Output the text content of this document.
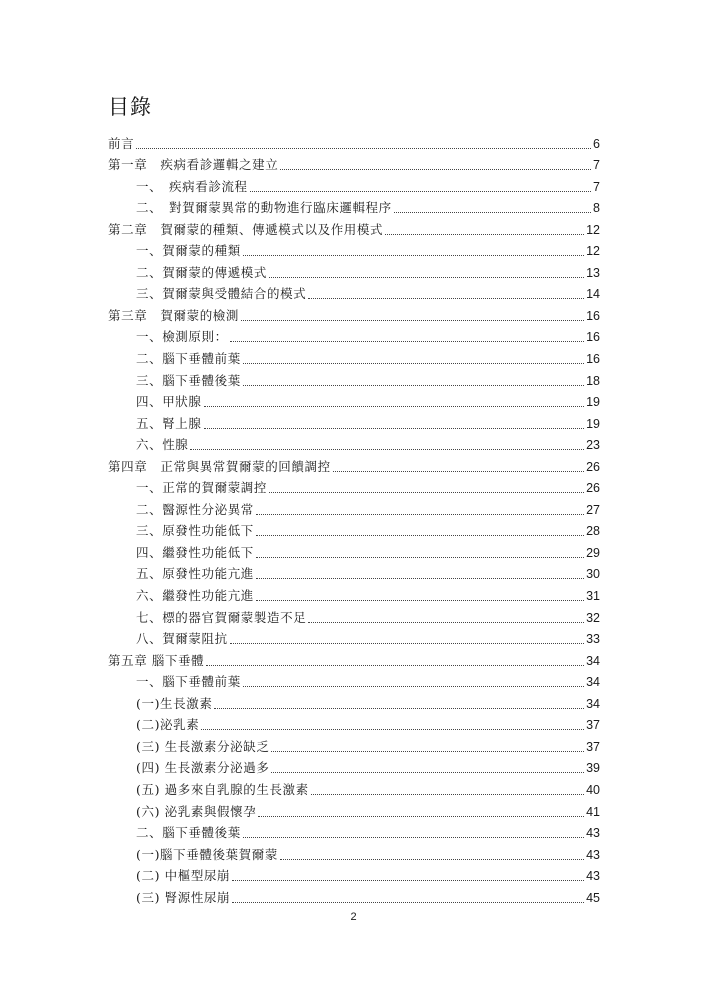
目錄
前言	6
第一章　疾病看診邏輯之建立	7
一、　疾病看診流程	7
二、　對賀爾蒙異常的動物進行臨床邏輯程序	8
第二章　賀爾蒙的種類、傳遞模式以及作用模式	12
一、賀爾蒙的種類	12
二、賀爾蒙的傳遞模式	13
三、賀爾蒙與受體結合的模式	14
第三章　賀爾蒙的檢測	16
一、檢測原則：	16
二、腦下垂體前葉	16
三、腦下垂體後葉	18
四、甲狀腺	19
五、腎上腺	19
六、性腺	23
第四章　正常與異常賀爾蒙的回饋調控	26
一、正常的賀爾蒙調控	26
二、醫源性分泌異常	27
三、原發性功能低下	28
四、繼發性功能低下	29
五、原發性功能亢進	30
六、繼發性功能亢進	31
七、標的器官賀爾蒙製造不足	32
八、賀爾蒙阻抗	33
第五章 腦下垂體	34
一、腦下垂體前葉	34
(一)生長激素	34
(二)泌乳素	37
(三) 生長激素分泌缺乏	37
(四) 生長激素分泌過多	39
(五) 過多來自乳腺的生長激素	40
(六) 泌乳素與假懷孕	41
二、腦下垂體後葉	43
(一)腦下垂體後葉賀爾蒙	43
(二) 中樞型尿崩	43
(三) 腎源性尿崩	45
2
